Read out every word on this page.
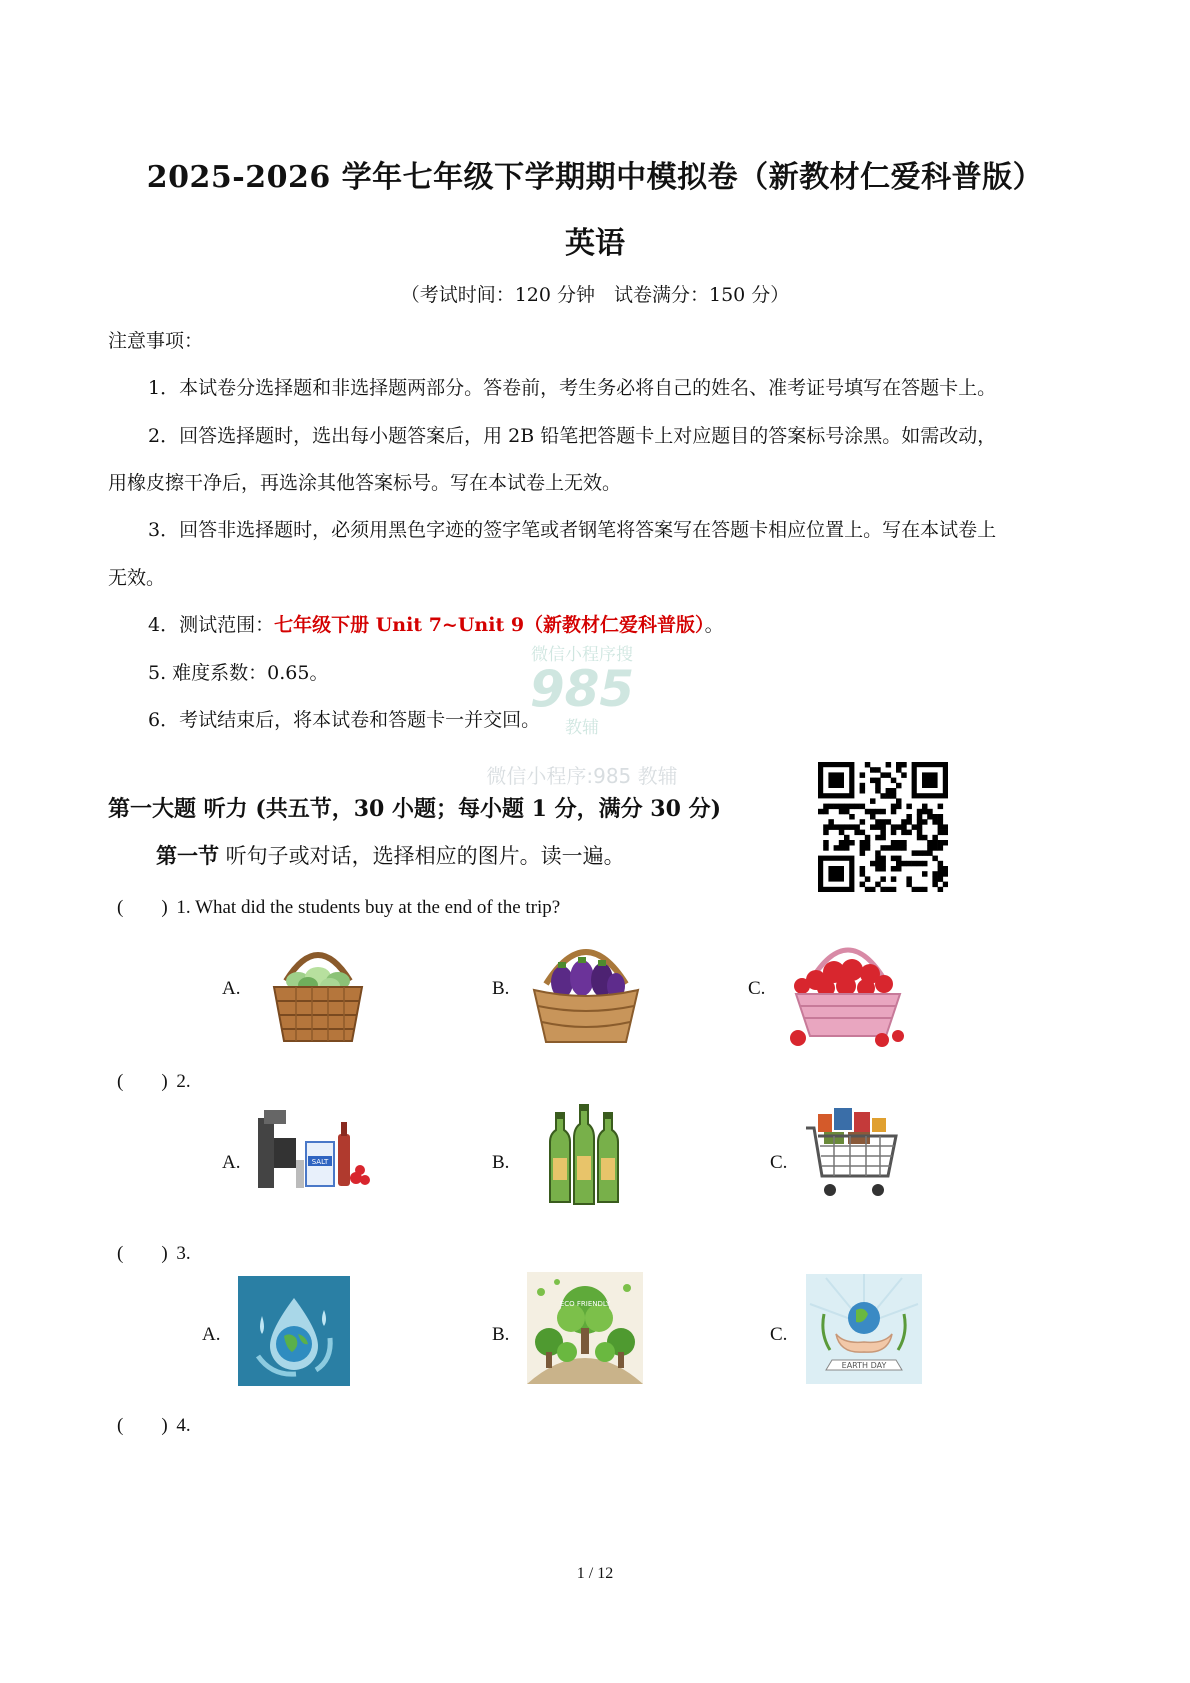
2025-2026 学年七年级下学期期中模拟卷（新教材仁爱科普版）
英语
（考试时间：120 分钟　试卷满分：150 分）
注意事项：
1．本试卷分选择题和非选择题两部分。答卷前，考生务必将自己的姓名、准考证号填写在答题卡上。
2．回答选择题时，选出每小题答案后，用 2B 铅笔把答题卡上对应题目的答案标号涂黑。如需改动，
用橡皮擦干净后，再选涂其他答案标号。写在本试卷上无效。
3．回答非选择题时，必须用黑色字迹的签字笔或者钢笔将答案写在答题卡相应位置上。写在本试卷上
无效。
4．测试范围：七年级下册 Unit 7~Unit 9（新教材仁爱科普版）。
5. 难度系数：0.65。
6．考试结束后，将本试卷和答题卡一并交回。
微信小程序搜
985
教辅
微信小程序:985 教辅
第一大题 听力 (共五节，30 小题；每小题 1 分，满分 30 分)
第一节 听句子或对话，选择相应的图片。读一遍。
(　　) 1. What did the students buy at the end of the trip?
A.	B.	C.
(　　) 2.
A.	SALT	B.	C.
(　　) 3.
A.	B.
ECO FRIENDLY
C.
EARTH DAY
(　　) 4.
1 / 12
